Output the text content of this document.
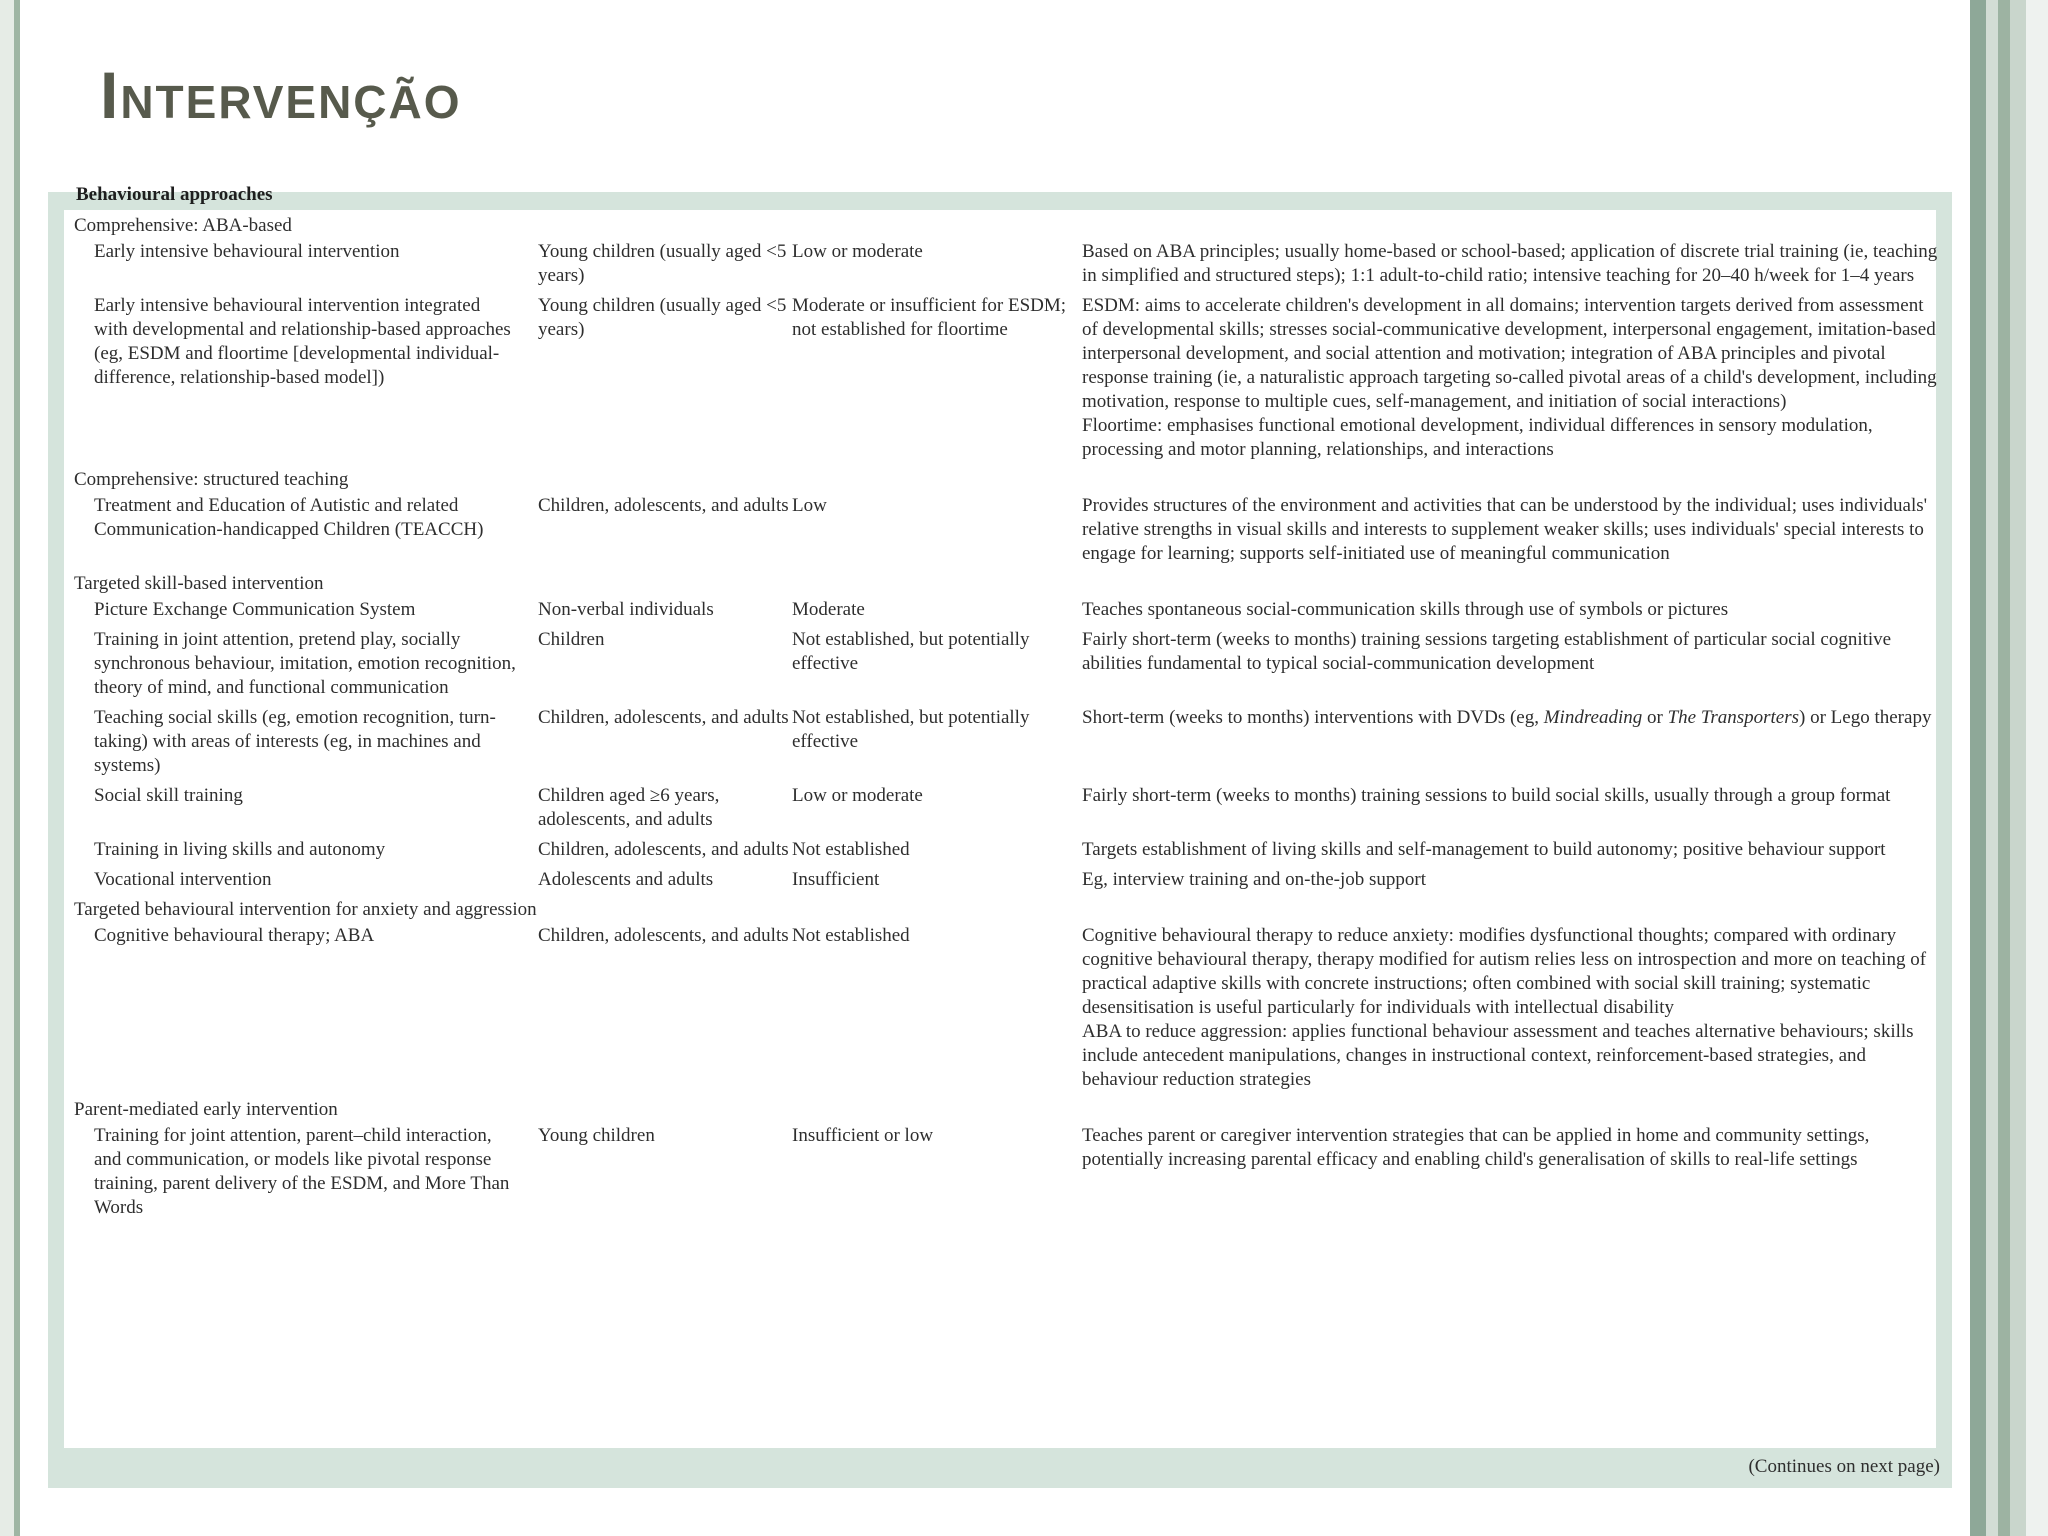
Intervenção
Behavioural approaches
Comprehensive: ABA-based			
Early intensive behavioural intervention	Young children (usually aged <5 years)	Low or moderate	Based on ABA principles; usually home-based or school-based; application of discrete trial training (ie, teaching in simplified and structured steps); 1:1 adult-to-child ratio; intensive teaching for 20–40 h/week for 1–4 years
Early intensive behavioural intervention integrated with developmental and relationship-based approaches (eg, ESDM and floortime [developmental individual-difference, relationship-based model])	Young children (usually aged <5 years)	Moderate or insufficient for ESDM; not established for floortime	ESDM: aims to accelerate children's development in all domains; intervention targets derived from assessment of developmental skills; stresses social-communicative development, interpersonal engagement, imitation-based interpersonal development, and social attention and motivation; integration of ABA principles and pivotal response training (ie, a naturalistic approach targeting so-called pivotal areas of a child's development, including motivation, response to multiple cues, self-management, and initiation of social interactions)
Floortime: emphasises functional emotional development, individual differences in sensory modulation, processing and motor planning, relationships, and interactions

Comprehensive: structured teaching			
Treatment and Education of Autistic and related Communication-handicapped Children (TEACCH)	Children, adolescents, and adults	Low	Provides structures of the environment and activities that can be understood by the individual; uses individuals' relative strengths in visual skills and interests to supplement weaker skills; uses individuals' special interests to engage for learning; supports self-initiated use of meaningful communication
Targeted skill-based intervention			
Picture Exchange Communication System	Non-verbal individuals	Moderate	Teaches spontaneous social-communication skills through use of symbols or pictures
Training in joint attention, pretend play, socially synchronous behaviour, imitation, emotion recognition, theory of mind, and functional communication	Children	Not established, but potentially effective	Fairly short-term (weeks to months) training sessions targeting establishment of particular social cognitive abilities fundamental to typical social-communication development
Teaching social skills (eg, emotion recognition, turn-taking) with areas of interests (eg, in machines and systems)	Children, adolescents, and adults	Not established, but potentially effective	Short-term (weeks to months) interventions with DVDs (eg, Mindreading or The Transporters) or Lego therapy
Social skill training	Children aged ≥6 years, adolescents, and adults	Low or moderate	Fairly short-term (weeks to months) training sessions to build social skills, usually through a group format
Training in living skills and autonomy	Children, adolescents, and adults	Not established	Targets establishment of living skills and self-management to build autonomy; positive behaviour support
Vocational intervention	Adolescents and adults	Insufficient	Eg, interview training and on-the-job support
Targeted behavioural intervention for anxiety and aggression			
Cognitive behavioural therapy; ABA	Children, adolescents, and adults	Not established	Cognitive behavioural therapy to reduce anxiety: modifies dysfunctional thoughts; compared with ordinary cognitive behavioural therapy, therapy modified for autism relies less on introspection and more on teaching of practical adaptive skills with concrete instructions; often combined with social skill training; systematic desensitisation is useful particularly for individuals with intellectual disability
ABA to reduce aggression: applies functional behaviour assessment and teaches alternative behaviours; skills include antecedent manipulations, changes in instructional context, reinforcement-based strategies, and behaviour reduction strategies

Parent-mediated early intervention			
Training for joint attention, parent–child interaction, and communication, or models like pivotal response training, parent delivery of the ESDM, and More Than Words	Young children	Insufficient or low	Teaches parent or caregiver intervention strategies that can be applied in home and community settings, potentially increasing parental efficacy and enabling child's generalisation of skills to real-life settings
(Continues on next page)
